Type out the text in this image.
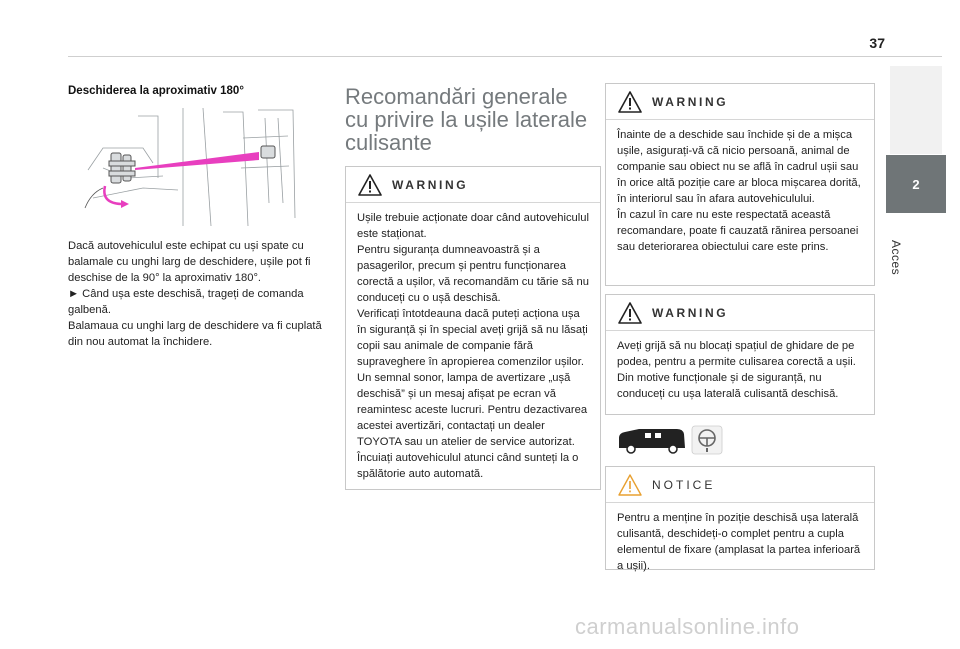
37
2
Acces
Deschiderea la aproximativ 180°

Dacă autovehiculul este echipat cu uși spate cu balamale cu unghi larg de deschidere, ușile pot fi deschise de la 90° la aproximativ 180°.

► Când ușa este deschisă, trageți de comanda galbenă.

Balamaua cu unghi larg de deschidere va fi cuplată din nou automat la închidere.

Recomandări generale cu privire la ușile laterale culisante
WARNING

Ușile trebuie acționate doar când autovehiculul este staționat.

Pentru siguranța dumneavoastră și a pasagerilor, precum și pentru funcționarea corectă a ușilor, vă recomandăm cu tărie să nu conduceți cu o ușă deschisă.

Verificați întotdeauna dacă puteți acționa ușa în siguranță și în special aveți grijă să nu lăsați copii sau animale de companie fără supraveghere în apropierea comenzilor ușilor.

Un semnal sonor, lampa de avertizare „ușă deschisă” și un mesaj afișat pe ecran vă reamintesc aceste lucruri. Pentru dezactivarea acestei avertizări, contactați un dealer TOYOTA sau un atelier de service autorizat.

Încuiați autovehiculul atunci când sunteți la o spălătorie auto automată.

WARNING

Înainte de a deschide sau închide și de a mișca ușile, asigurați-vă că nicio persoană, animal de companie sau obiect nu se află în cadrul ușii sau în orice altă poziție care ar bloca mișcarea dorită, în interiorul sau în afara autovehiculului.

În cazul în care nu este respectată această recomandare, poate fi cauzată rănirea persoanei sau deteriorarea obiectului care este prins.

WARNING

Aveți grijă să nu blocați spațiul de ghidare de pe podea, pentru a permite culisarea corectă a ușii.

Din motive funcționale și de siguranță, nu conduceți cu ușa laterală culisantă deschisă.

NOTICE

Pentru a menține în poziție deschisă ușa laterală culisantă, deschideți-o complet pentru a cupla elementul de fixare (amplasat la partea inferioară a ușii).

carmanualsonline.info
